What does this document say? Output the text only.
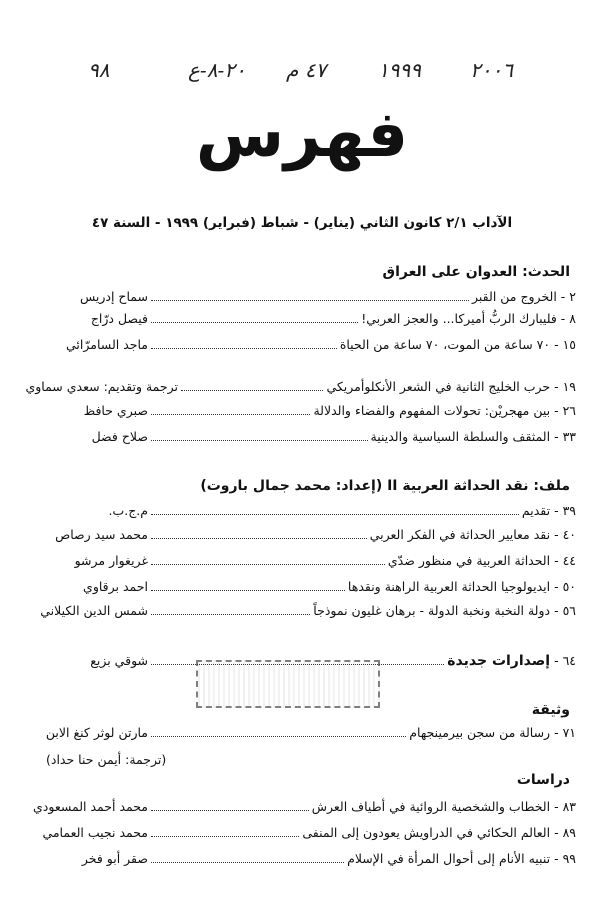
٩٨	٢٠-٨-ع ٤٧ م	١٩٩٩ ٢٠٠٦
فهرس
الآداب ٢/١ كانون الثاني (يناير) - شباط (فبراير) ١٩٩٩ - السنة ٤٧
الحدث: العدوان على العراق
٢ -

الخروج من القبر
سماح إدريس
٨ -

فليبارك الربُّ أميركا... والعجز العربي!
فيصل درّاج
١٥ -

٧٠ ساعة من الموت، ٧٠ ساعة من الحياة
ماجد السامرّائي
١٩ -

حرب الخليج الثانية في الشعر الأنكلوأمريكي
ترجمة وتقديم: سعدي سماوي
٢٦ -

بين مهجريْن: تحولات المفهوم والفضاء والدلالة
صبري حافظ
٣٣ -

المثقف والسلطة السياسية والدينية
صلاح فضل
ملف: نقد الحداثة العربية II (إعداد: محمد جمال باروت)
٣٩ -

تقديم
م.ج.ب.
٤٠ -

نقد معايير الحداثة في الفكر العربي
محمد سيد رصاص
٤٤ -

الحداثة العربية في منظور ضدّي
غريغوار مرشو
٥٠ -

ايديولوجيا الحداثة العربية الراهنة ونقدها
احمد برقاوي
٥٦ -

دولة النخبة ونخبة الدولة - برهان غليون نموذجاً
شمس الدين الكيلاني
٦٤ -

إصدارات جديدة
شوقي بزيع
وثيقة
٧١ -

رسالة من سجن بيرمينجهام
مارتن لوثر كنغ الابن
(ترجمة: أيمن حنا حداد)
دراسات
٨٣ -

الخطاب والشخصية الروائية في أطياف العرش
محمد أحمد المسعودي
٨٩ -

العالم الحكائي في الدراويش يعودون إلى المنفى
محمد نجيب العمامي
٩٩ -

تنبيه الأنام إلى أحوال المرأة في الإسلام
صقر أبو فخر
